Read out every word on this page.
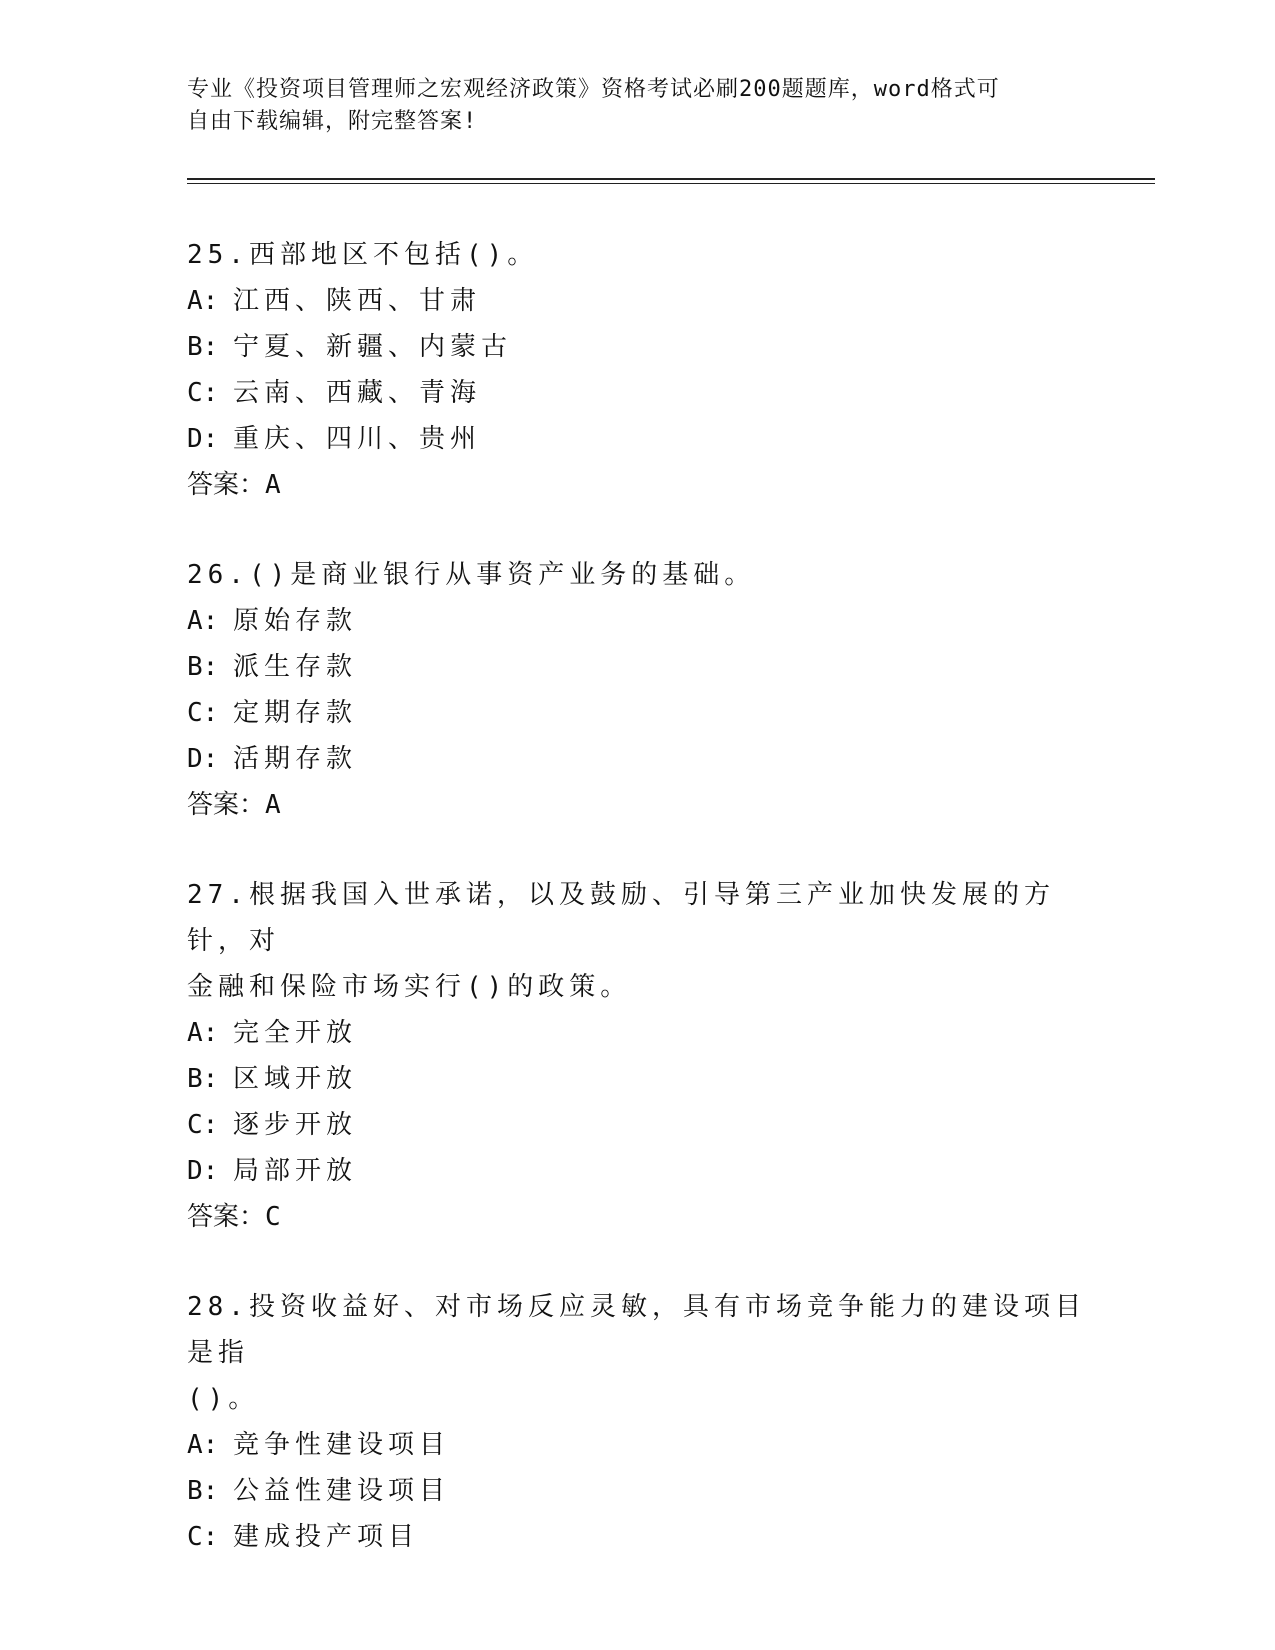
专业《投资项目管理师之宏观经济政策》资格考试必刷200题题库，word格式可
自由下载编辑，附完整答案!
25.西部地区不包括()。
A: 江西、陕西、甘肃
B: 宁夏、新疆、内蒙古
C: 云南、西藏、青海
D: 重庆、四川、贵州
答案：A
26.()是商业银行从事资产业务的基础。
A: 原始存款
B: 派生存款
C: 定期存款
D: 活期存款
答案：A
27.根据我国入世承诺，以及鼓励、引导第三产业加快发展的方针，对
金融和保险市场实行()的政策。
A: 完全开放
B: 区域开放
C: 逐步开放
D: 局部开放
答案：C
28.投资收益好、对市场反应灵敏，具有市场竞争能力的建设项目是指
()。
A: 竞争性建设项目
B: 公益性建设项目
C: 建成投产项目
